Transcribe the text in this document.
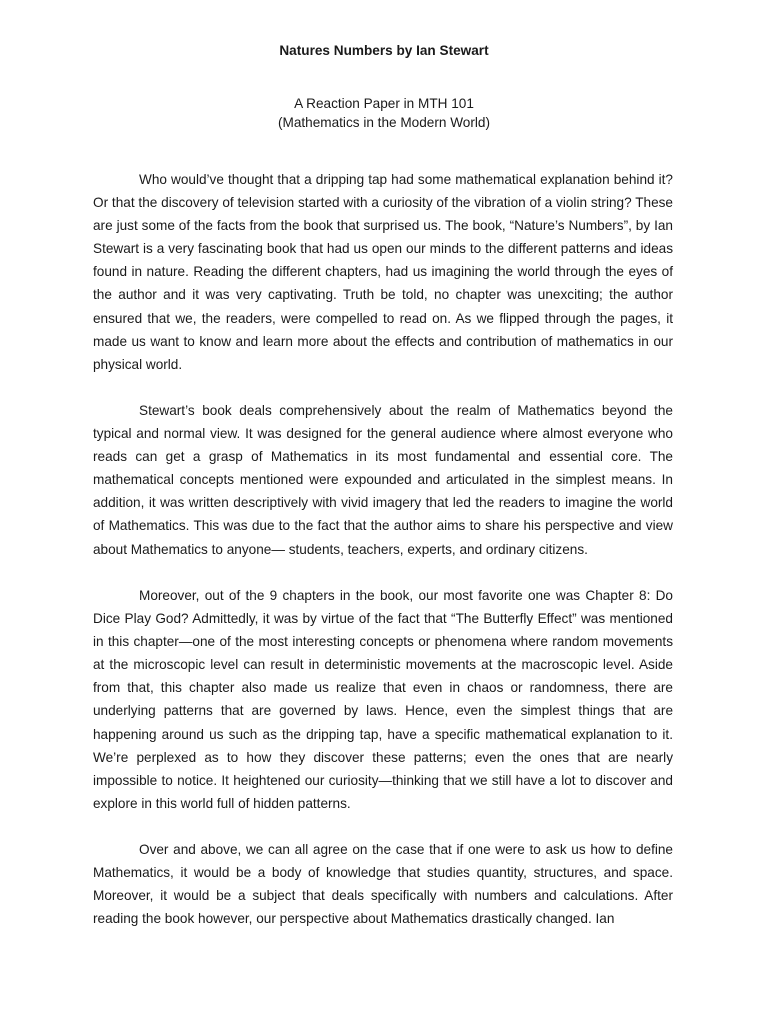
Natures Numbers by Ian Stewart
A Reaction Paper in MTH 101
(Mathematics in the Modern World)

Who would’ve thought that a dripping tap had some mathematical explanation behind it? Or that the discovery of television started with a curiosity of the vibration of a violin string? These are just some of the facts from the book that surprised us. The book, “Nature’s Numbers”, by Ian Stewart is a very fascinating book that had us open our minds to the different patterns and ideas found in nature. Reading the different chapters, had us imagining the world through the eyes of the author and it was very captivating. Truth be told, no chapter was unexciting; the author ensured that we, the readers, were compelled to read on. As we flipped through the pages, it made us want to know and learn more about the effects and contribution of mathematics in our physical world.

Stewart’s book deals comprehensively about the realm of Mathematics beyond the typical and normal view. It was designed for the general audience where almost everyone who reads can get a grasp of Mathematics in its most fundamental and essential core. The mathematical concepts mentioned were expounded and articulated in the simplest means. In addition, it was written descriptively with vivid imagery that led the readers to imagine the world of Mathematics. This was due to the fact that the author aims to share his perspective and view about Mathematics to anyone— students, teachers, experts, and ordinary citizens.

Moreover, out of the 9 chapters in the book, our most favorite one was Chapter 8: Do Dice Play God? Admittedly, it was by virtue of the fact that “The Butterfly Effect” was mentioned in this chapter—one of the most interesting concepts or phenomena where random movements at the microscopic level can result in deterministic movements at the macroscopic level. Aside from that, this chapter also made us realize that even in chaos or randomness, there are underlying patterns that are governed by laws. Hence, even the simplest things that are happening around us such as the dripping tap, have a specific mathematical explanation to it. We’re perplexed as to how they discover these patterns; even the ones that are nearly impossible to notice. It heightened our curiosity—thinking that we still have a lot to discover and explore in this world full of hidden patterns.

Over and above, we can all agree on the case that if one were to ask us how to define Mathematics, it would be a body of knowledge that studies quantity, structures, and space. Moreover, it would be a subject that deals specifically with numbers and calculations. After reading the book however, our perspective about Mathematics drastically changed. Ian
